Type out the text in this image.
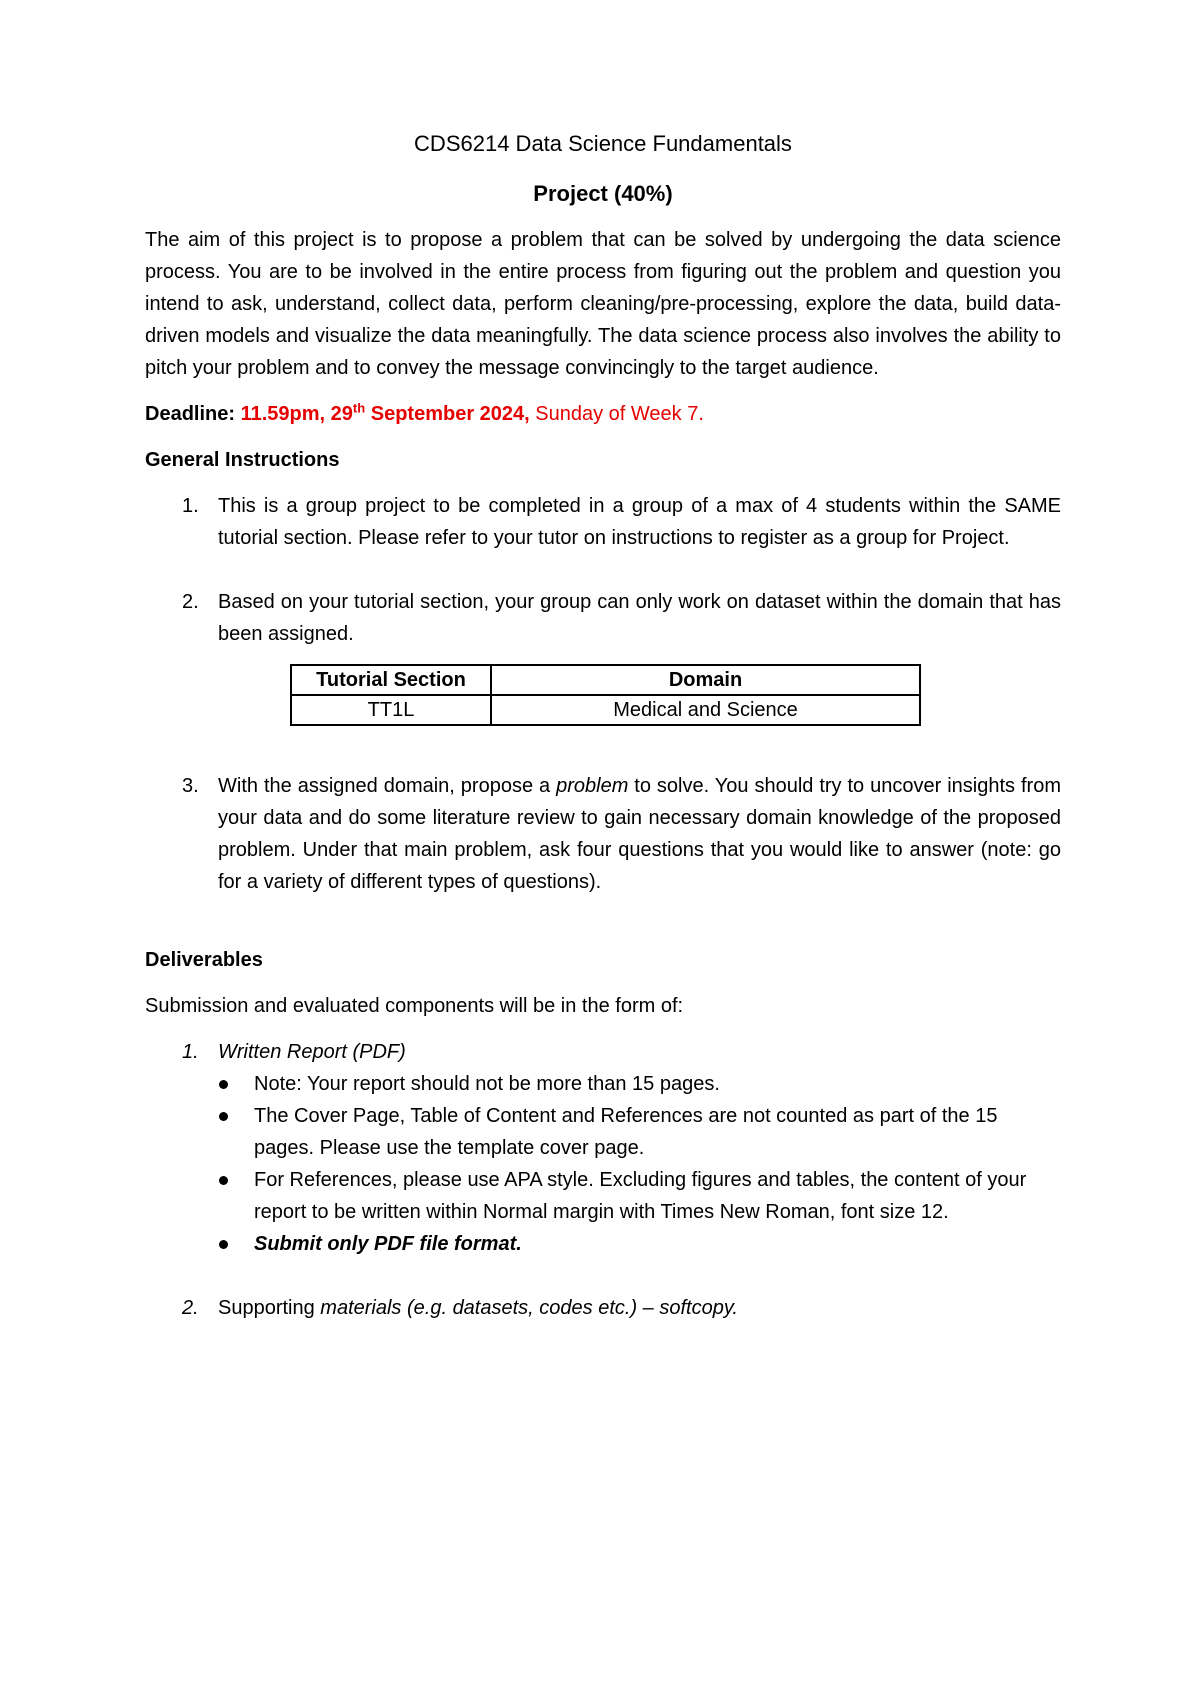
CDS6214 Data Science Fundamentals

Project (40%)

The aim of this project is to propose a problem that can be solved by undergoing the data science process. You are to be involved in the entire process from figuring out the problem and question you intend to ask, understand, collect data, perform cleaning/pre-processing, explore the data, build data-driven models and visualize the data meaningfully. The data science process also involves the ability to pitch your problem and to convey the message convincingly to the target audience.

Deadline: 11.59pm, 29th September 2024, Sunday of Week 7.

General Instructions

1. This is a group project to be completed in a group of a max of 4 students within the SAME tutorial section. Please refer to your tutor on instructions to register as a group for Project.
2. Based on your tutorial section, your group can only work on dataset within the domain that has been assigned.
Tutorial Section	Domain
TT1L	Medical and Science
3. With the assigned domain, propose a problem to solve. You should try to uncover insights from your data and do some literature review to gain necessary domain knowledge of the proposed problem. Under that main problem, ask four questions that you would like to answer (note: go for a variety of different types of questions).

Deliverables

Submission and evaluated components will be in the form of:

1. Written Report (PDF)
Note: Your report should not be more than 15 pages.
The Cover Page, Table of Content and References are not counted as part of the 15 pages. Please use the template cover page.
For References, please use APA style. Excluding figures and tables, the content of your report to be written within Normal margin with Times New Roman, font size 12.
Submit only PDF file format.
2. Supporting materials (e.g. datasets, codes etc.) – softcopy.
